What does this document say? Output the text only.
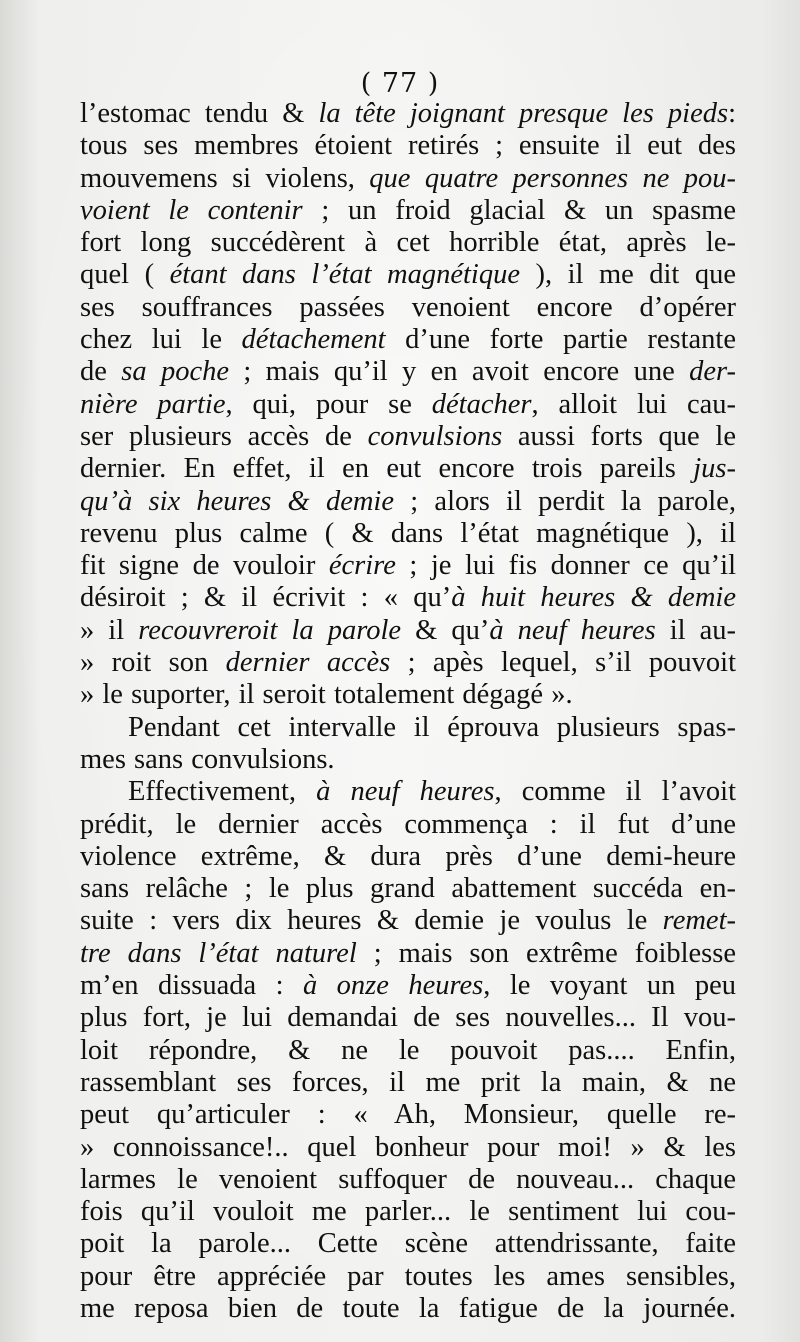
( 77 )
l’estomac tendu & la tête joignant presque les pieds:
tous ses membres étoient retirés ; ensuite il eut des
mouvemens si violens, que quatre personnes ne pou-
voient le contenir ; un froid glacial & un spasme
fort long succédèrent à cet horrible état, après le-
quel ( étant dans l’état magnétique ), il me dit que
ses souffrances passées venoient encore d’opérer
chez lui le détachement d’une forte partie restante
de sa poche ; mais qu’il y en avoit encore une der-
nière partie, qui, pour se détacher, alloit lui cau-
ser plusieurs accès de convulsions aussi forts que le
dernier. En effet, il en eut encore trois pareils jus-
qu’à six heures & demie ; alors il perdit la parole,
revenu plus calme ( & dans l’état magnétique ), il
fit signe de vouloir écrire ; je lui fis donner ce qu’il
désiroit ; & il écrivit : « qu’à huit heures & demie
» il recouvreroit la parole & qu’à neuf heures il au-
» roit son dernier accès ; apès lequel, s’il pouvoit
» le suporter, il seroit totalement dégagé ».
Pendant cet intervalle il éprouva plusieurs spas-
mes sans convulsions.
Effectivement, à neuf heures, comme il l’avoit
prédit, le dernier accès commença : il fut d’une
violence extrême, & dura près d’une demi-heure
sans relâche ; le plus grand abattement succéda en-
suite : vers dix heures & demie je voulus le remet-
tre dans l’état naturel ; mais son extrême foiblesse
m’en dissuada : à onze heures, le voyant un peu
plus fort, je lui demandai de ses nouvelles... Il vou-
loit répondre, & ne le pouvoit pas.... Enfin,
rassemblant ses forces, il me prit la main, & ne
peut qu’articuler : « Ah, Monsieur, quelle re-
» connoissance!.. quel bonheur pour moi! » & les
larmes le venoient suffoquer de nouveau... chaque
fois qu’il vouloit me parler... le sentiment lui cou-
poit la parole... Cette scène attendrissante, faite
pour être appréciée par toutes les ames sensibles,
me reposa bien de toute la fatigue de la journée.
